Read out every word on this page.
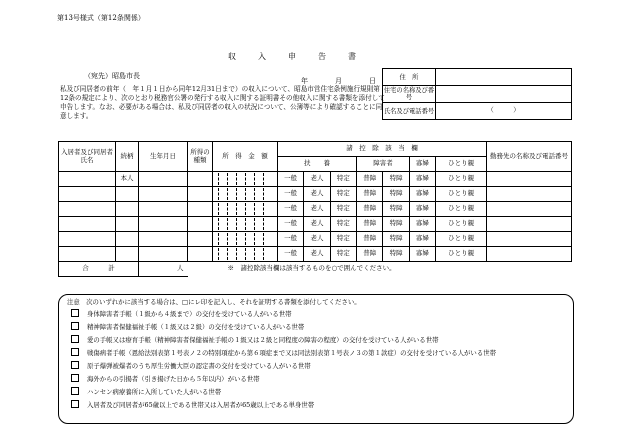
第13号様式（第12条関係）
収入申告書
（宛先）昭島市長
年　月　日 住　所	
住宅の名称及び番号	
氏名及び電話番号	（　　　）
私及び同居者の前年（　年１月１日から同年12月31日まで）の収入について、昭島市営住宅条例施行規則第12条の規定により、次のとおり税務官公署の発行する収入に関する証明書その他収入に関する書類を添付して申告します。なお、必要がある場合は、私及び同居者の収入の状況について、公簿等により確認することに同意します。
入居者及び同居者氏名	続柄	生年月日	所得の種類	所　得　金　額	諸　控　除　該　当　欄							勤務先の名称及び電話番号
					扶　　養			障害者		寡婦	ひとり親	
	本人				一般	老人	特定	普障	特障	寡婦	ひとり親	
					一般	老人	特定	普障	特障	寡婦	ひとり親	
					一般	老人	特定	普障	特障	寡婦	ひとり親	
					一般	老人	特定	普障	特障	寡婦	ひとり親	
					一般	老人	特定	普障	特障	寡婦	ひとり親	
					一般	老人	特定	普障	特障	寡婦	ひとり親	
合　　　計		人	※　諸控除該当欄は該当するものを○で囲んでください。									
注意　次のいずれかに該当する場合は、□にレ印を記入し、それを証明する書類を添付してください。
身体障害者手帳（１級から４級まで）の交付を受けている人がいる世帯
精神障害者保健福祉手帳（１級又は２級）の交付を受けている人がいる世帯
愛の手帳又は療育手帳（精神障害者保健福祉手帳の１級又は２級と同程度の障害の程度）の交付を受けている人がいる世帯
戦傷病者手帳（恩給法別表第１号表ノ２の特別項症から第６項症まで又は同法別表第１号表ノ３の第１款症）の交付を受けている人がいる世帯
原子爆弾被爆者のうち厚生労働大臣の認定書の交付を受けている人がいる世帯
海外からの引揚者（引き揚げた日から５年以内）がいる世帯
ハンセン病療養所に入所していた人がいる世帯
入居者及び同居者が65歳以上である世帯又は入居者が65歳以上である単身世帯
